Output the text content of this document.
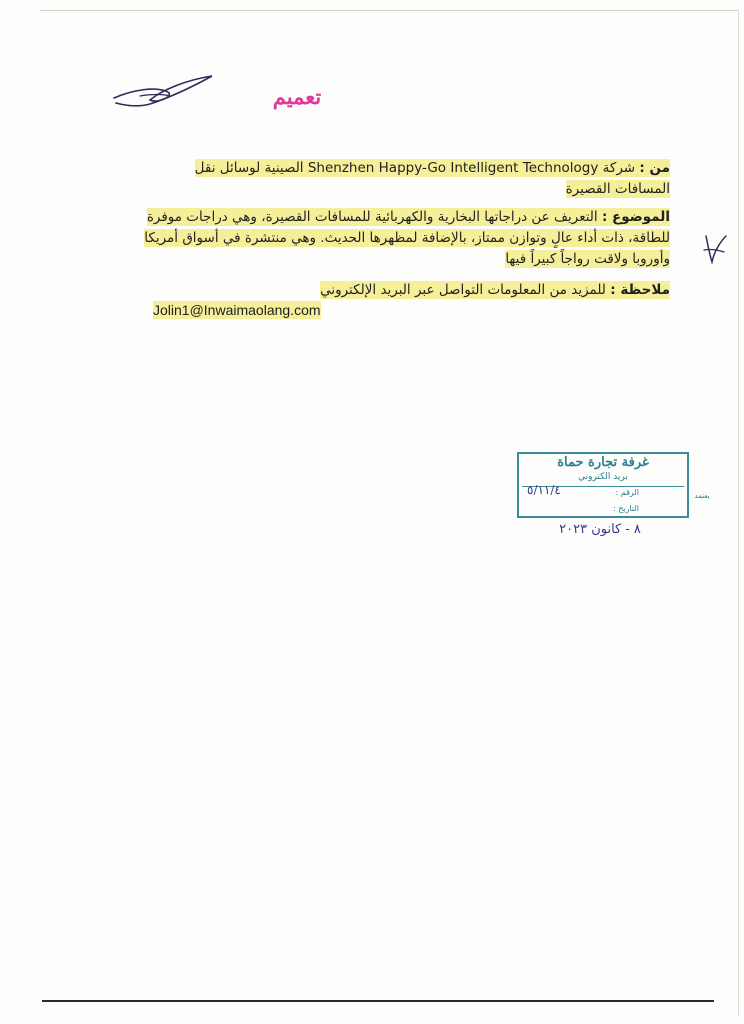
تعميم
من : شركة Shenzhen Happy-Go Intelligent Technology الصينية لوسائل نقل المسافات القصيرة
الموضوع : التعريف عن دراجاتها البخارية والكهربائية للمسافات القصيرة، وهي دراجات موفرة للطاقة، ذات أداء عالٍ وتوازن ممتاز، بالإضافة لمظهرها الحديث. وهي منتشرة في أسواق أمريكا وأوروبا ولاقت رواجاً كبيراً فيها
ملاحظة : للمزيد من المعلومات التواصل عبر البريد الإلكتروني
Jolin1@Inwaimaolang.com
غرفة تجارة حماة
بريد الكتروني
الرقم :
٥/١١/٤
التاريخ :
يعتمد
٨ - كانون ٢٠٢٣
